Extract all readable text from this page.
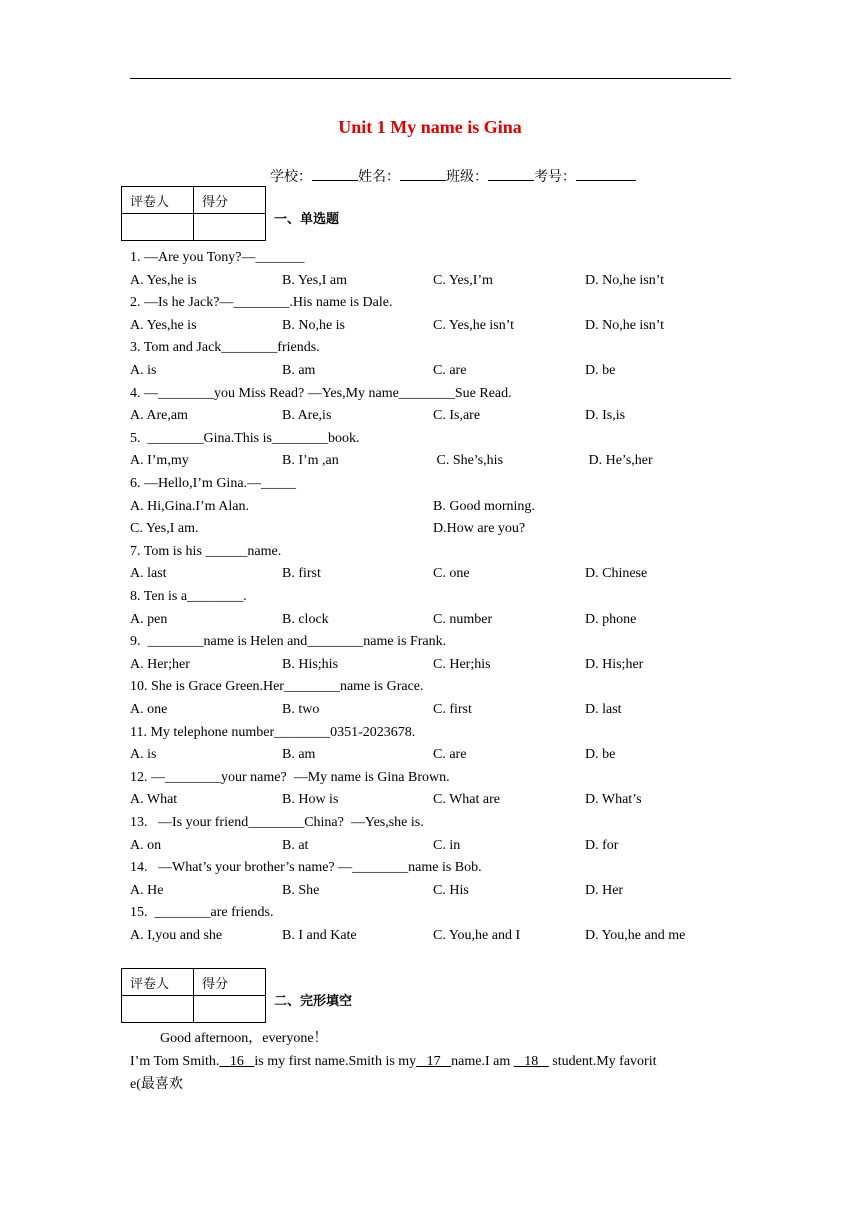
Unit 1 My name is Gina
学校：	姓名：	班级：	考号：
评卷人	得分

一、单选题
1. —Are you Tony?—_______
A. Yes,he is	B. Yes,I am	C. Yes,I’m	D. No,he isn’t
2. —Is he Jack?—________.His name is Dale.
A. Yes,he is	B. No,he is	C. Yes,he isn’t	D. No,he isn’t
3. Tom and Jack________friends.
A. is	B. am	C. are	D. be
4. —________you Miss Read? —Yes,My name________Sue Read.
A. Are,am	B. Are,is	C. Is,are	D. Is,is
5.  ________Gina.This is________book.
A. I’m,my	B. I’m ,an	C. She’s,his	D. He’s,her
6. —Hello,I’m Gina.—_____
A. Hi,Gina.I’m Alan.	B. Good morning.
C. Yes,I am.	D.How are you?
7. Tom is his ______name.
A. last	B. first	C. one	D. Chinese
8. Ten is a________.
A. pen	B. clock	C. number	D. phone
9.  ________name is Helen and________name is Frank.
A. Her;her	B. His;his	C. Her;his	D. His;her
10. She is Grace Green.Her________name is Grace.
A. one	B. two	C. first	D. last
11. My telephone number________0351-2023678.
A. is	B. am	C. are	D. be
12. —________your name?  —My name is Gina Brown.
A. What	B. How is	C. What are	D. What’s
13.   —Is your friend________China?  —Yes,she is.
A. on	B. at	C. in	D. for
14.   —What’s your brother’s name? —________name is Bob.
A. He	B. She	C. His	D. Her
15.  ________are friends.
A. I,you and she	B. I and Kate	C. You,he and I	D. You,he and me
评卷人	得分

二、完形填空
Good afternoon，everyone！
I’m Tom Smith.   16   is my first name.Smith is my   17   name.I am    18    student.My favorit
e(最喜欢
